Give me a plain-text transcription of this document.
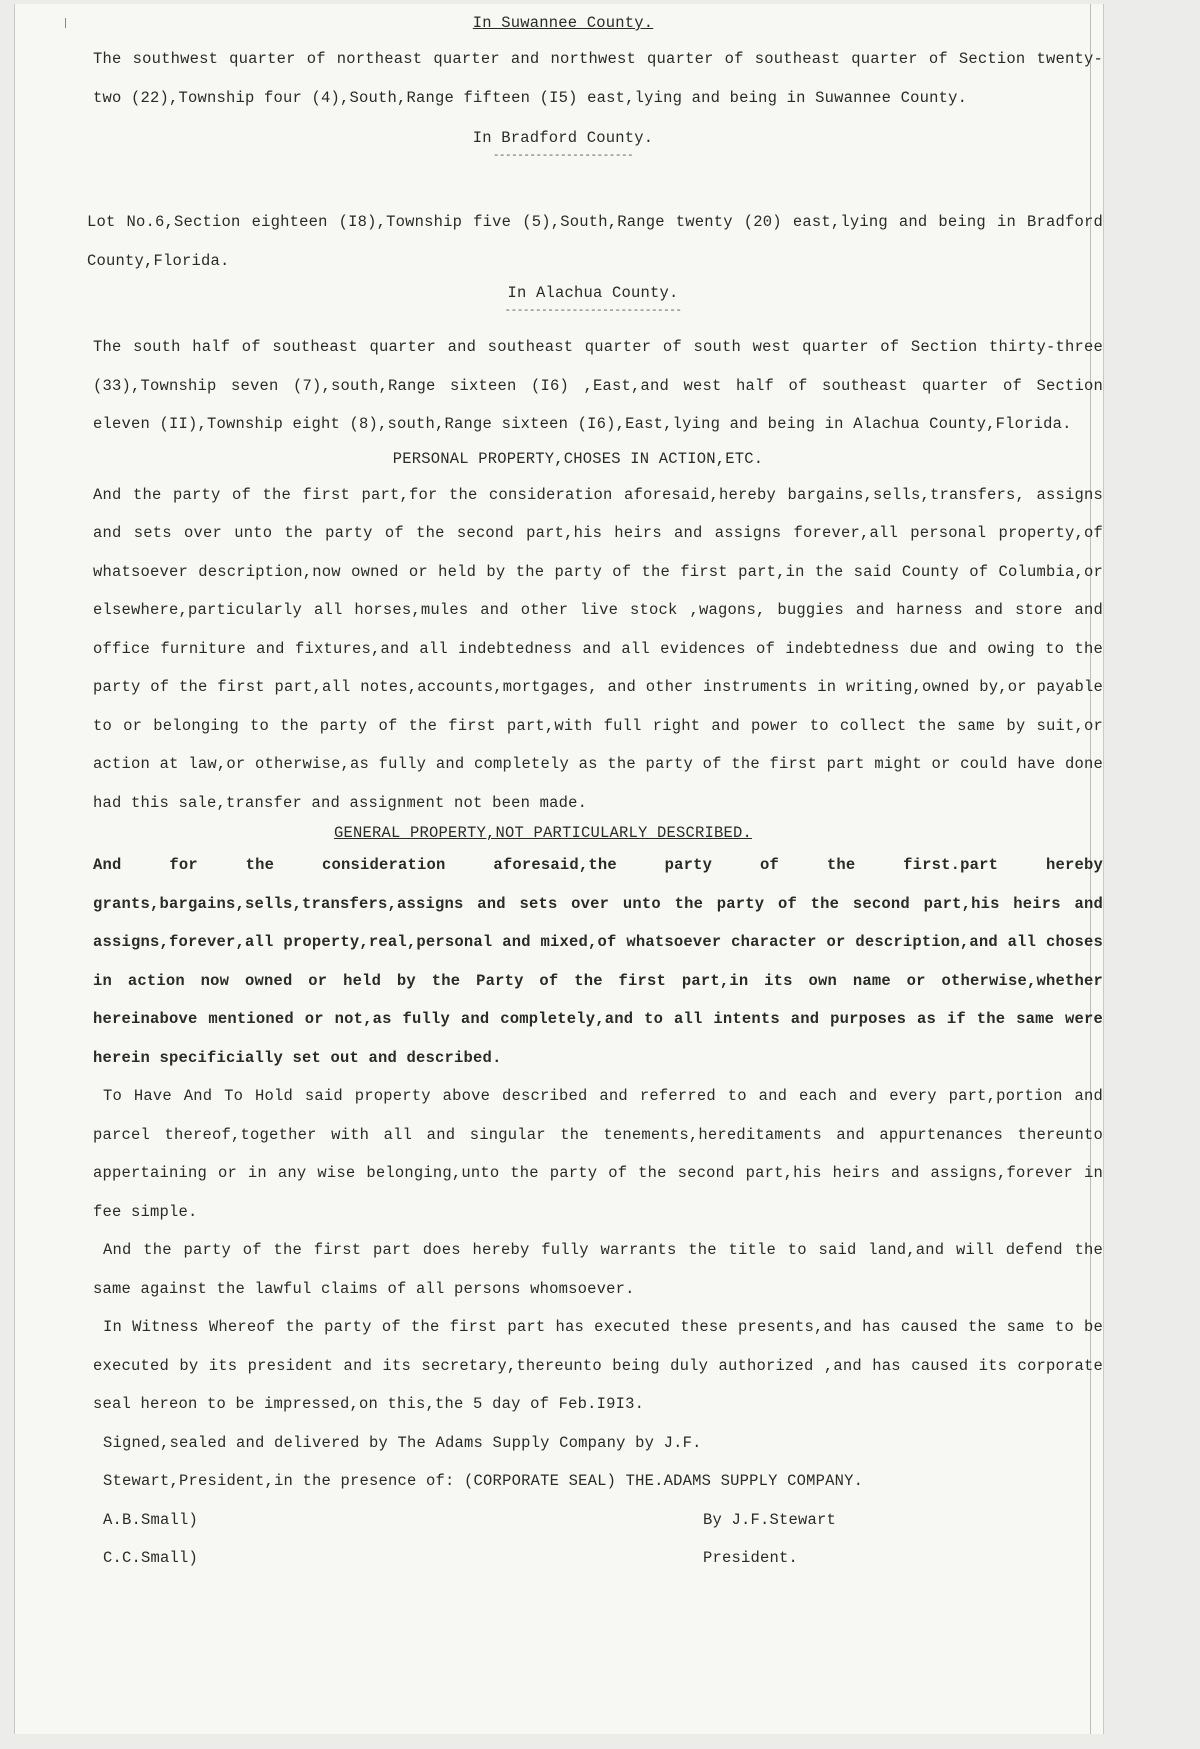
In Suwannee County.

The southwest quarter of northeast quarter and northwest quarter of southeast quarter of Section twenty-two (22),Township four (4),South,Range fifteen (I5) east,lying and being in Suwannee County.

In Bradford County.
-----------------------

Lot No.6,Section eighteen (I8),Township five (5),South,Range twenty (20) east,lying and being in Bradford County,Florida.

In Alachua County.
-----------------------------

The south half of southeast quarter and southeast quarter of south west quarter of Section thirty-three (33),Township seven (7),south,Range sixteen (I6) ,East,and west half of southeast quarter of Section eleven (II),Township eight (8),south,Range sixteen (I6),East,lying and being in Alachua County,Florida.

PERSONAL PROPERTY,CHOSES IN ACTION,ETC.

And the party of the first part,for the consideration aforesaid,hereby bargains,sells,transfers, assigns and sets over unto the party of the second part,his heirs and assigns forever,all personal property,of whatsoever description,now owned or held by the party of the first part,in the said County of Columbia,or elsewhere,particularly all horses,mules and other live stock ,wagons, buggies and harness and store and office furniture and fixtures,and all indebtedness and all evidences of indebtedness due and owing to the party of the first part,all notes,accounts,mortgages, and other instruments in writing,owned by,or payable to or belonging to the party of the first part,with full right and power to collect the same by suit,or action at law,or otherwise,as fully and completely as the party of the first part might or could have done had this sale,transfer and assignment not been made.

GENERAL PROPERTY,NOT PARTICULARLY DESCRIBED.

And for the consideration aforesaid,the party of the first.part hereby grants,bargains,sells,transfers,assigns and sets over unto the party of the second part,his heirs and assigns,forever,all property,real,personal and mixed,of whatsoever character or description,and all choses in action now owned or held by the Party of the first part,in its own name or otherwise,whether hereinabove mentioned or not,as fully and completely,and to all intents and purposes as if the same were herein specificially set out and described.

To Have And To Hold said property above described and referred to and each and every part,portion and parcel thereof,together with all and singular the tenements,hereditaments and appurtenances thereunto appertaining or in any wise belonging,unto the party of the second part,his heirs and assigns,forever in fee simple.

And the party of the first part does hereby fully warrants the title to said land,and will defend the same against the lawful claims of all persons whomsoever.

In Witness Whereof the party of the first part has executed these presents,and has caused the same to be executed by its president and its secretary,thereunto being duly authorized ,and has caused its corporate seal hereon to be impressed,on this,the 5 day of Feb.I9I3.

Signed,sealed and delivered by The Adams Supply Company by J.F.

Stewart,President,in the presence of: (CORPORATE SEAL) THE.ADAMS SUPPLY COMPANY.

A.B.Small)	By J.F.Stewart
C.C.Small)	President.
